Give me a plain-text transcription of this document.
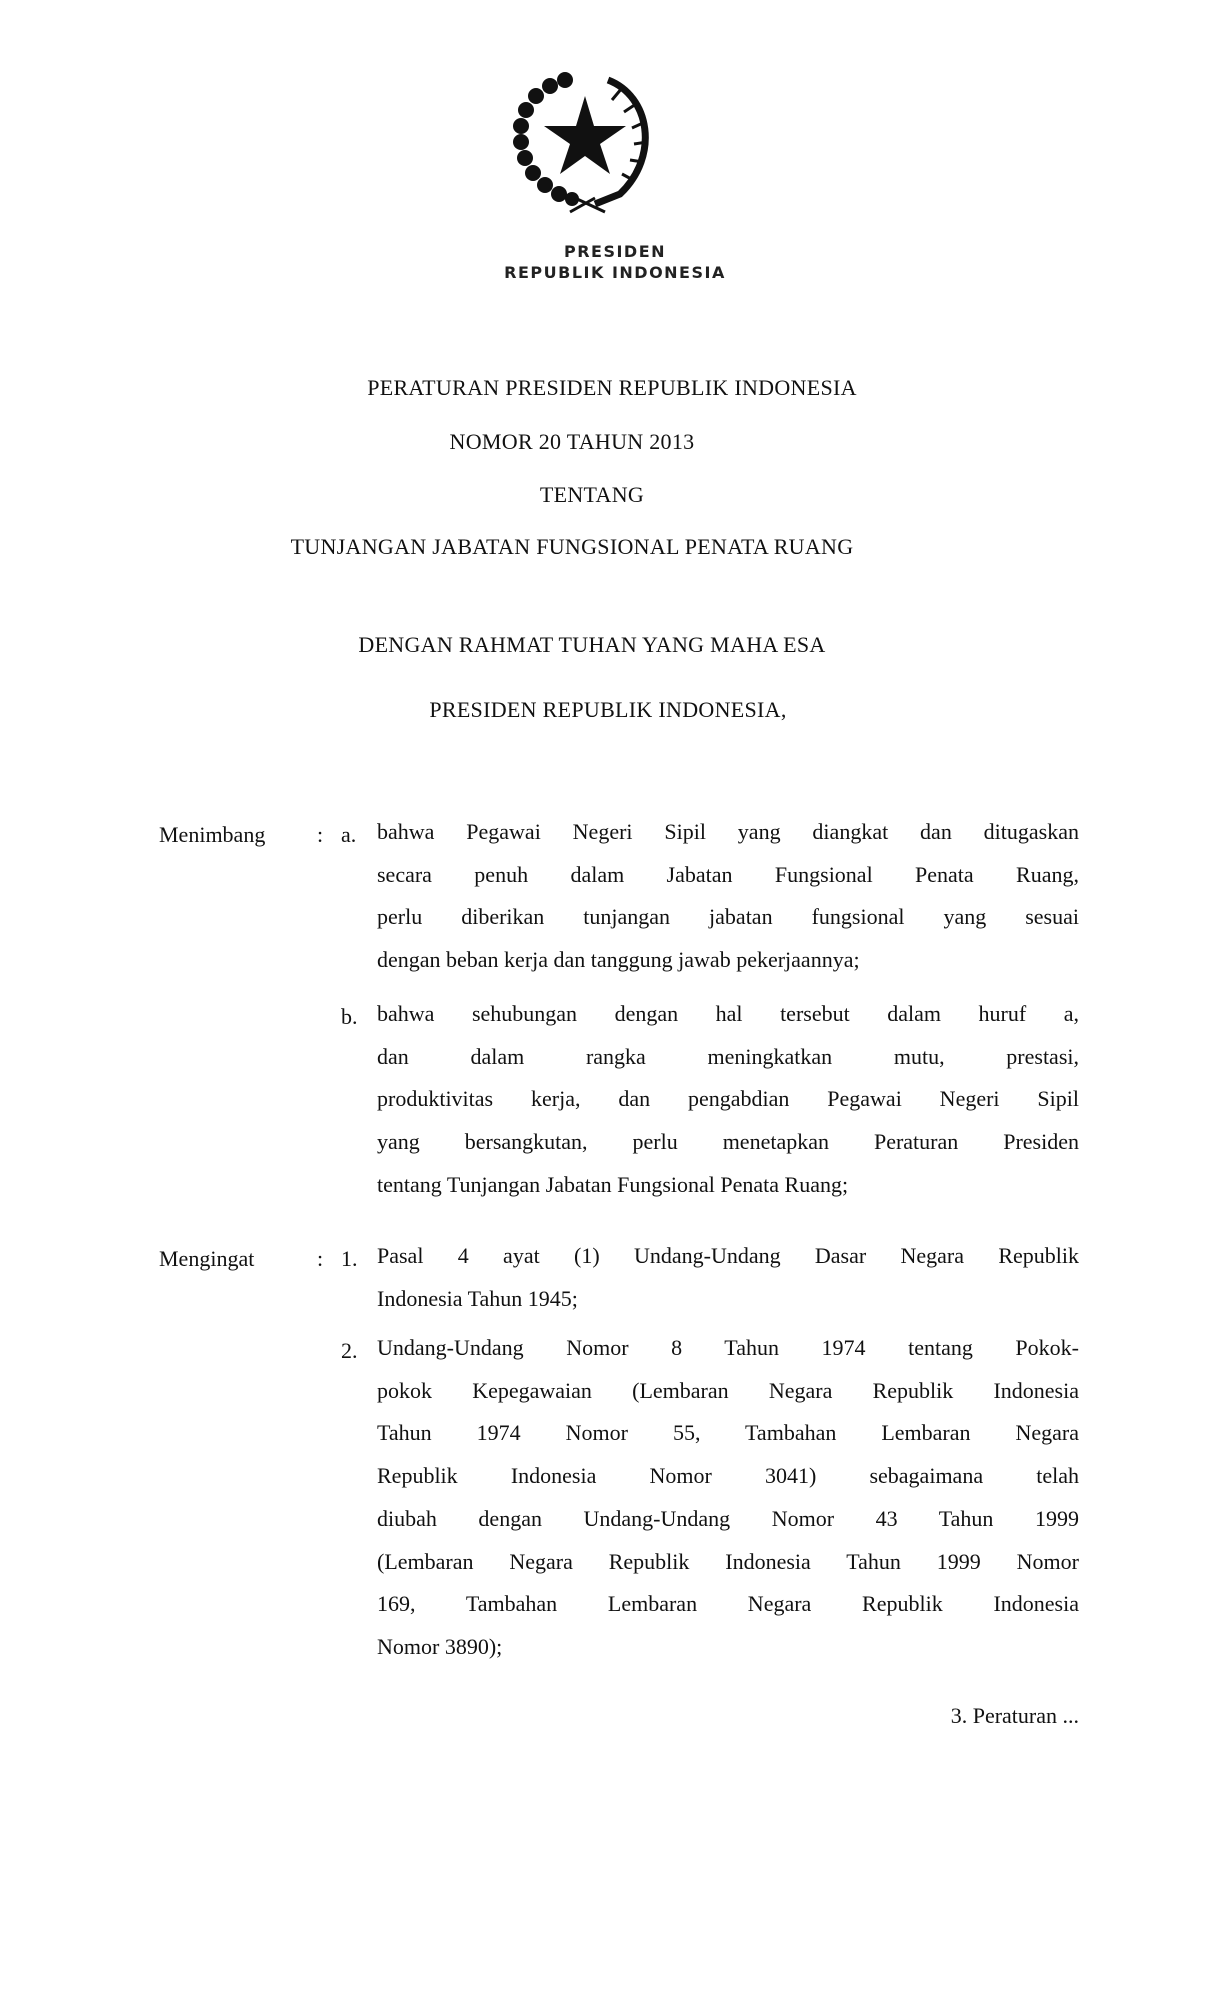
PRESIDEN
REPUBLIK INDONESIA
PERATURAN PRESIDEN REPUBLIK INDONESIA
NOMOR 20 TAHUN 2013
TENTANG
TUNJANGAN JABATAN FUNGSIONAL PENATA RUANG
DENGAN RAHMAT TUHAN YANG MAHA ESA
PRESIDEN REPUBLIK INDONESIA,
Menimbang : a. bahwa Pegawai Negeri Sipil yang diangkat dan ditugaskan
secara penuh dalam Jabatan Fungsional Penata Ruang,
perlu diberikan tunjangan jabatan fungsional yang sesuai
dengan beban kerja dan tanggung jawab pekerjaannya;
b. bahwa sehubungan dengan hal tersebut dalam huruf a,
dan dalam rangka meningkatkan mutu, prestasi,
produktivitas kerja, dan pengabdian Pegawai Negeri Sipil
yang bersangkutan, perlu menetapkan Peraturan Presiden
tentang Tunjangan Jabatan Fungsional Penata Ruang;
Mengingat	: 1. Pasal 4 ayat (1) Undang-Undang Dasar Negara Republik
Indonesia Tahun 1945;
2. Undang-Undang Nomor 8 Tahun 1974 tentang Pokok-
pokok Kepegawaian (Lembaran Negara Republik Indonesia
Tahun 1974 Nomor 55, Tambahan Lembaran Negara
Republik Indonesia Nomor 3041) sebagaimana telah
diubah dengan Undang-Undang Nomor 43 Tahun 1999
(Lembaran Negara Republik Indonesia Tahun 1999 Nomor
169, Tambahan Lembaran Negara Republik Indonesia
Nomor 3890);
3. Peraturan ...
